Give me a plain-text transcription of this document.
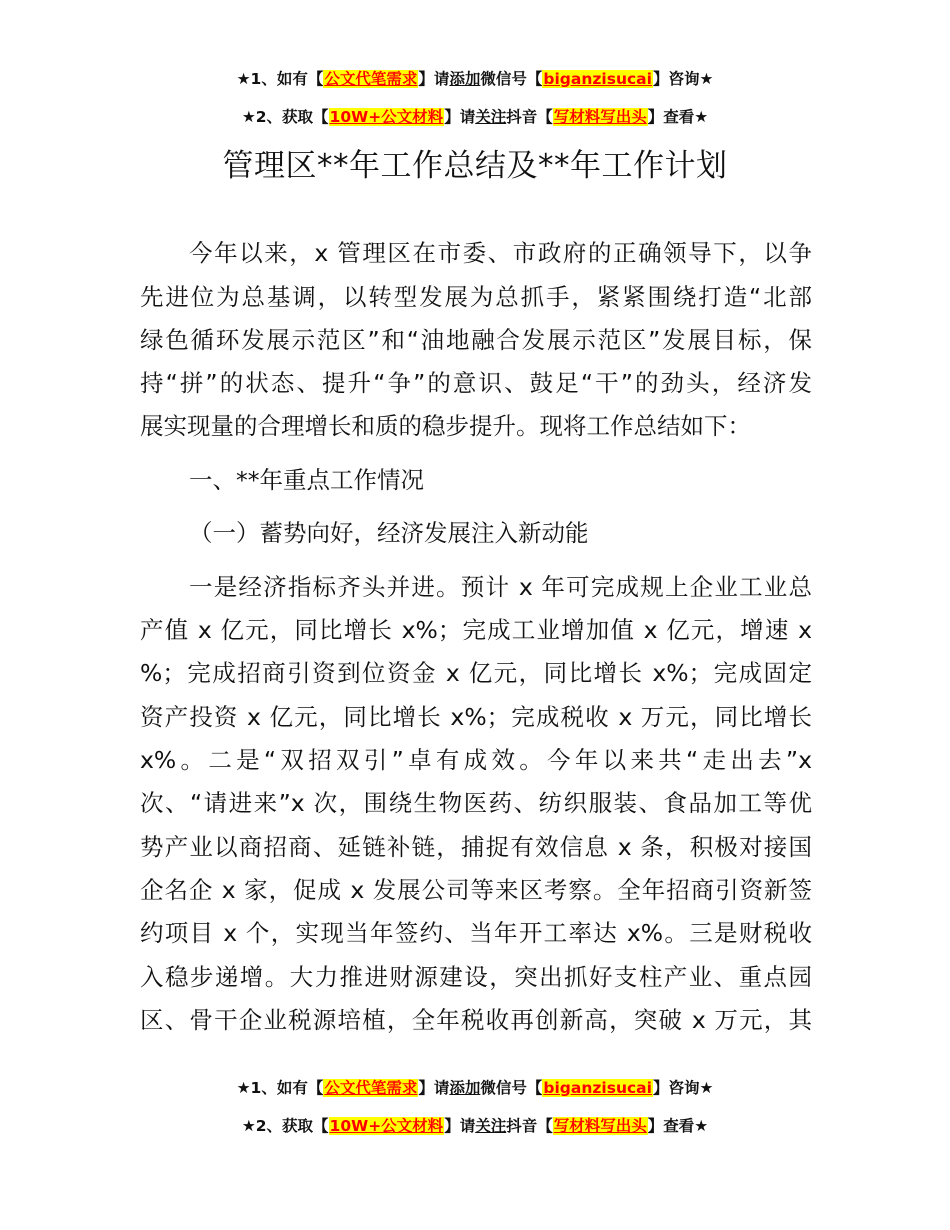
★1、如有【公文代笔需求】请添加微信号【biganzisucai】咨询★
★2、获取【10W+公文材料】请关注抖音【写材料写出头】查看★
管理区**年工作总结及**年工作计划
今年以来，x 管理区在市委、市政府的正确领导下，以争
先进位为总基调，以转型发展为总抓手，紧紧围绕打造“北部
绿色循环发展示范区”和“油地融合发展示范区”发展目标，保
持“拼”的状态、提升“争”的意识、鼓足“干”的劲头，经济发
展实现量的合理增长和质的稳步提升。现将工作总结如下：
一、**年重点工作情况
（一）蓄势向好，经济发展注入新动能
一是经济指标齐头并进。预计 x 年可完成规上企业工业总
产值 x 亿元，同比增长 x%；完成工业增加值 x 亿元，增速 x
%；完成招商引资到位资金 x 亿元，同比增长 x%；完成固定
资产投资 x 亿元，同比增长 x%；完成税收 x 万元，同比增长
x%。二是“双招双引”卓有成效。今年以来共“走出去”x
次、“请进来”x 次，围绕生物医药、纺织服装、食品加工等优
势产业以商招商、延链补链，捕捉有效信息 x 条，积极对接国
企名企 x 家，促成 x 发展公司等来区考察。全年招商引资新签
约项目 x 个，实现当年签约、当年开工率达 x%。三是财税收
入稳步递增。大力推进财源建设，突出抓好支柱产业、重点园
区、骨干企业税源培植，全年税收再创新高，突破 x 万元，其
★1、如有【公文代笔需求】请添加微信号【biganzisucai】咨询★
★2、获取【10W+公文材料】请关注抖音【写材料写出头】查看★
